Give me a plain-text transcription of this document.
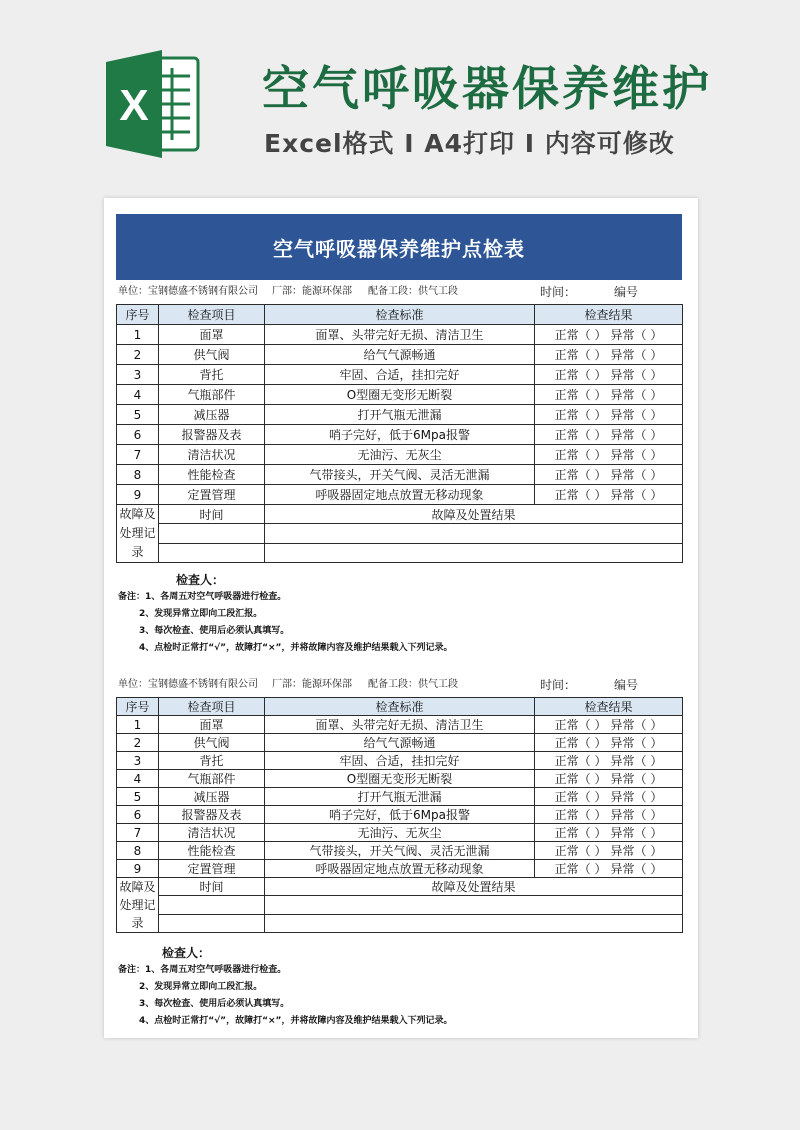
X 空气呼吸器保养维护
Excel格式 I A4打印 I 内容可修改
空气呼吸器保养维护点检表
单位：宝钢德盛不锈钢有限公司 厂部：能源环保部 配备工段：供气工段	时间：	编号
序号	检查项目	检查标准	检查结果
1	面罩	面罩、头带完好无损、清洁卫生	正常（ ） 异常（ ）
2	供气阀	给气气源畅通	正常（ ） 异常（ ）
3	背托	牢固、合适，挂扣完好	正常（ ） 异常（ ）
4	气瓶部件	O型圈无变形无断裂	正常（ ） 异常（ ）
5	减压器	打开气瓶无泄漏	正常（ ） 异常（ ）
6	报警器及表	哨子完好，低于6Mpa报警	正常（ ） 异常（ ）
7	清洁状况	无油污、无灰尘	正常（ ） 异常（ ）
8	性能检查	气带接头，开关气阀、灵活无泄漏	正常（ ） 异常（ ）
9	定置管理	呼吸器固定地点放置无移动现象	正常（ ） 异常（ ）

故障及
处理记
录	时间	故障及处置结果	

检查人：
备注：1、各周五对空气呼吸器进行检查。
2、发现异常立即向工段汇报。
3、每次检查、使用后必须认真填写。
4、点检时正常打“√”，故障打“×”，并将故障内容及维护结果载入下列记录。
单位：宝钢德盛不锈钢有限公司 厂部：能源环保部 配备工段：供气工段	时间：	编号
序号	检查项目	检查标准	检查结果
1	面罩	面罩、头带完好无损、清洁卫生	正常（ ） 异常（ ）
2	供气阀	给气气源畅通	正常（ ） 异常（ ）
3	背托	牢固、合适，挂扣完好	正常（ ） 异常（ ）
4	气瓶部件	O型圈无变形无断裂	正常（ ） 异常（ ）
5	减压器	打开气瓶无泄漏	正常（ ） 异常（ ）
6	报警器及表	哨子完好，低于6Mpa报警	正常（ ） 异常（ ）
7	清洁状况	无油污、无灰尘	正常（ ） 异常（ ）
8	性能检查	气带接头，开关气阀、灵活无泄漏	正常（ ） 异常（ ）
9	定置管理	呼吸器固定地点放置无移动现象	正常（ ） 异常（ ）

故障及
处理记
录	时间	故障及处置结果	

检查人：
备注：1、各周五对空气呼吸器进行检查。
2、发现异常立即向工段汇报。
3、每次检查、使用后必须认真填写。
4、点检时正常打“√”，故障打“×”，并将故障内容及维护结果载入下列记录。
